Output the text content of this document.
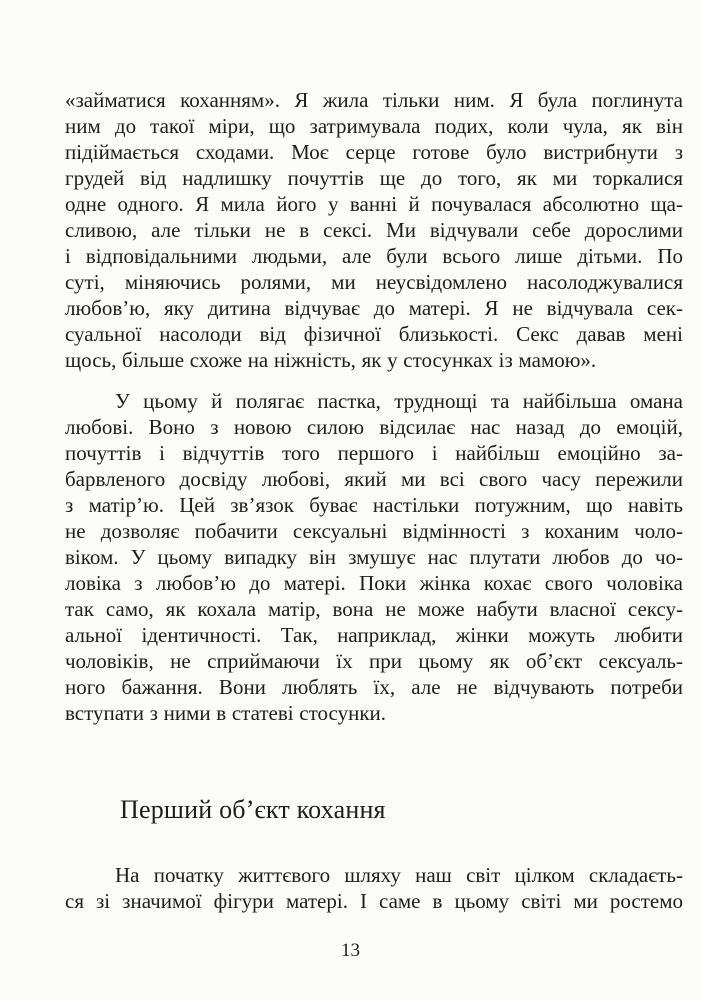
«займатися коханням». Я жила тільки ним. Я була поглинута
ним до такої міри, що затримувала подих, коли чула, як він
підіймається сходами. Моє серце готове було вистрибнути з
грудей від надлишку почуттів ще до того, як ми торкалися
одне одного. Я мила його у ванні й почувалася абсолютно ща-
сливою, але тільки не в сексі. Ми відчували себе дорослими
і відповідальними людьми, але були всього лише дітьми. По
суті, міняючись ролями, ми неусвідомлено насолоджувалися
любов’ю, яку дитина відчуває до матері. Я не відчувала сек-
суальної насолоди від фізичної близькості. Секс давав мені
щось, більше схоже на ніжність, як у стосунках із мамою».
У цьому й полягає пастка, труднощі та найбільша омана
любові. Воно з новою силою відсилає нас назад до емоцій,
почуттів і відчуттів того першого і найбільш емоційно за-
барвленого досвіду любові, який ми всі свого часу пережили
з матір’ю. Цей зв’язок буває настільки потужним, що навіть
не дозволяє побачити сексуальні відмінності з коханим чоло-
віком. У цьому випадку він змушує нас плутати любов до чо-
ловіка з любов’ю до матері. Поки жінка кохає свого чоловіка
так само, як кохала матір, вона не може набути власної сексу-
альної ідентичності. Так, наприклад, жінки можуть любити
чоловіків, не сприймаючи їх при цьому як об’єкт сексуаль-
ного бажання. Вони люблять їх, але не відчувають потреби
вступати з ними в статеві стосунки.
Перший об’єкт кохання
На початку життєвого шляху наш світ цілком складаєть-
ся зі значимої фігури матері. І саме в цьому світі ми ростемо
13
